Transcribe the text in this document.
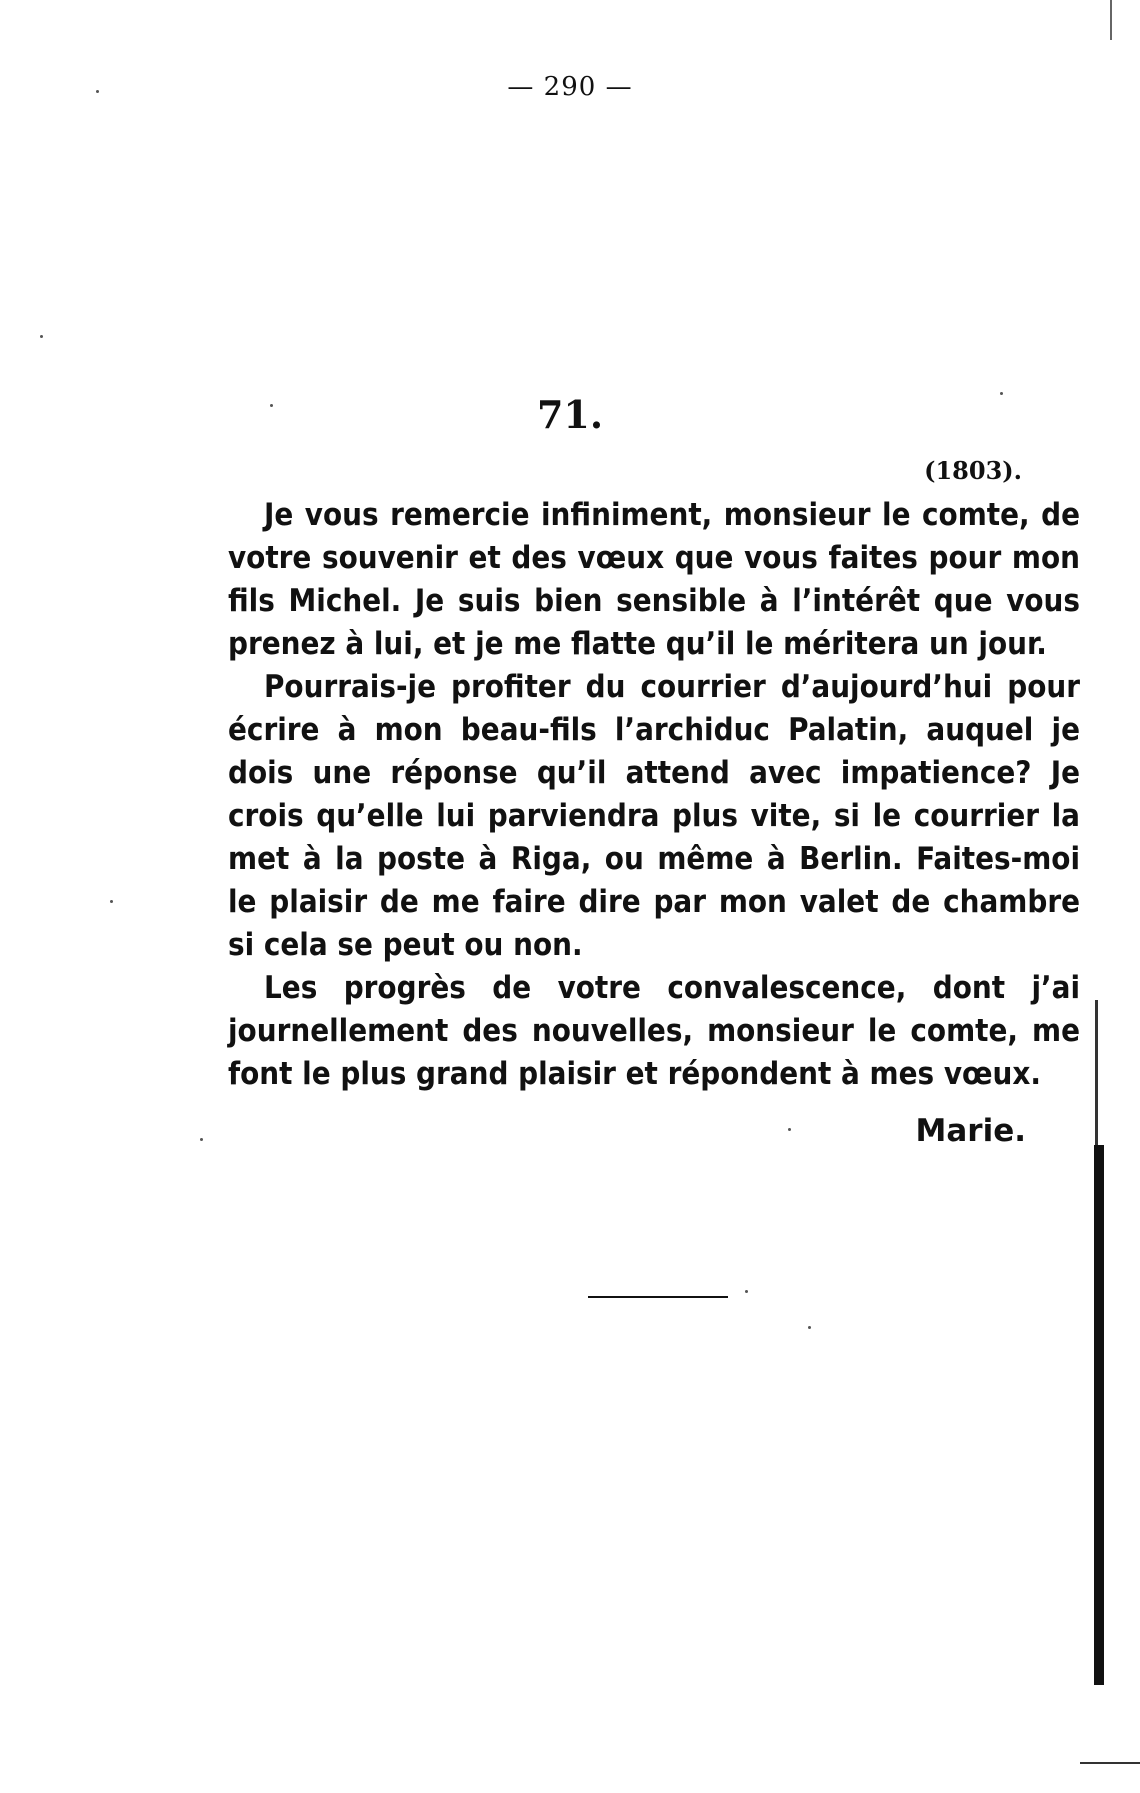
— 290 —
71.
(1803).

Je vous remercie infiniment, monsieur le comte, de votre souvenir et des vœux que vous faites pour mon fils Michel. Je suis bien sensible à l’intérêt que vous prenez à lui, et je me flatte qu’il le méritera un jour.

Pourrais-je profiter du courrier d’aujourd’hui pour écrire à mon beau-fils l’archiduc Palatin, auquel je dois une réponse qu’il attend avec impatience? Je crois qu’elle lui parviendra plus vite, si le courrier la met à la poste à Riga, ou même à Berlin. Faites-moi le plaisir de me faire dire par mon valet de chambre si cela se peut ou non.

Les progrès de votre convalescence, dont j’ai journellement des nouvelles, monsieur le comte, me font le plus grand plaisir et répondent à mes vœux.

Marie.
